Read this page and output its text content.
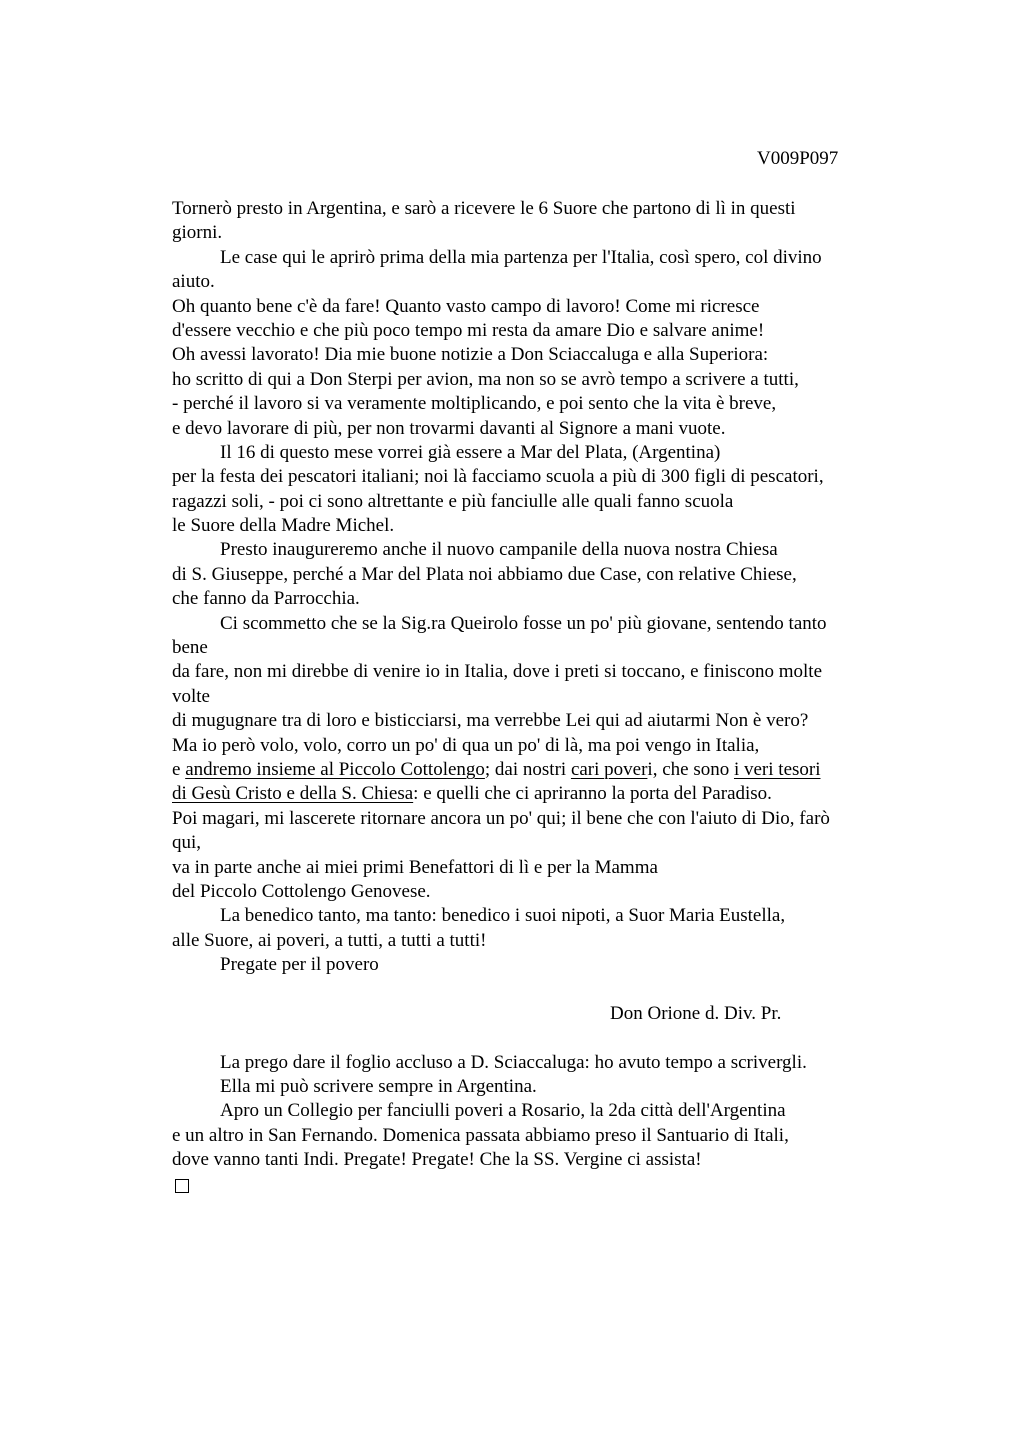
V009P097
Tornerò presto in Argentina, e sarò a ricevere le 6 Suore che partono di lì in questi
giorni.
Le case qui le aprirò prima della mia partenza per l'Italia, così spero, col divino
aiuto.
Oh quanto bene c'è da fare! Quanto vasto campo di lavoro! Come mi ricresce
d'essere vecchio e che più poco tempo mi resta da amare Dio e salvare anime!
Oh avessi lavorato! Dia mie buone notizie a Don Sciaccaluga e alla Superiora:
ho scritto di qui a Don Sterpi per avion, ma non so se avrò tempo a scrivere a tutti,
- perché il lavoro si va veramente moltiplicando, e poi sento che la vita è breve,
e devo lavorare di più, per non trovarmi davanti al Signore a mani vuote.
Il 16 di questo mese vorrei già essere a Mar del Plata, (Argentina)
per la festa dei pescatori italiani; noi là facciamo scuola a più di 300 figli di pescatori,
ragazzi soli, - poi ci sono altrettante e più fanciulle alle quali fanno scuola
le Suore della Madre Michel.
Presto inaugureremo anche il nuovo campanile della nuova nostra Chiesa
di S. Giuseppe, perché a Mar del Plata noi abbiamo due Case, con relative Chiese,
che fanno da Parrocchia.
Ci scommetto che se la Sig.ra Queirolo fosse un po' più giovane, sentendo tanto
bene
da fare, non mi direbbe di venire io in Italia, dove i preti si toccano, e finiscono molte
volte
di mugugnare tra di loro e bisticciarsi, ma verrebbe Lei qui ad aiutarmi Non è vero?
Ma io però volo, volo, corro un po' di qua un po' di là, ma poi vengo in Italia,
e andremo insieme al Piccolo Cottolengo; dai nostri cari poveri, che sono i veri tesori
di Gesù Cristo e della S. Chiesa: e quelli che ci apriranno la porta del Paradiso.
Poi magari, mi lascerete ritornare ancora un po' qui; il bene che con l'aiuto di Dio, farò
qui,
va in parte anche ai miei primi Benefattori di lì e per la Mamma
del Piccolo Cottolengo Genovese.
La benedico tanto, ma tanto: benedico i suoi nipoti, a Suor Maria Eustella,
alle Suore, ai poveri, a tutti, a tutti a tutti!
Pregate per il povero
Don Orione d. Div. Pr.
La prego dare il foglio accluso a D. Sciaccaluga: ho avuto tempo a scrivergli.
Ella mi può scrivere sempre in Argentina.
Apro un Collegio per fanciulli poveri a Rosario, la 2da città dell'Argentina
e un altro in San Fernando. Domenica passata abbiamo preso il Santuario di Itali,
dove vanno tanti Indi. Pregate! Pregate! Che la SS. Vergine ci assista!
